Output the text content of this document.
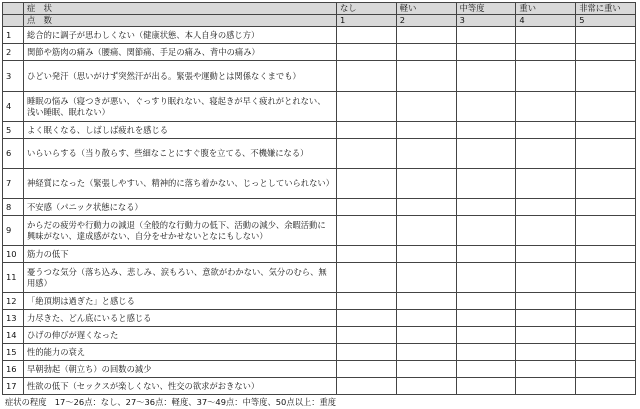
	症　状	なし	軽い	中等度	重い	非常に重い
	点　数	1	2	3	4	5
1	総合的に調子が思わしくない（健康状態、本人自身の感じ方）					
2	関節や筋肉の痛み（腰痛、関節痛、手足の痛み、背中の痛み）					
3	ひどい発汗（思いがけず突然汗が出る。緊張や運動とは関係なくまでも）					
4	睡眠の悩み（寝つきが悪い、ぐっすり眠れない、寝起きが早く疲れがとれない、浅い睡眠、眠れない）					
5	よく眠くなる、しばしば疲れを感じる					
6	いらいらする（当り散らす、些細なことにすぐ腹を立てる、不機嫌になる）					
7	神経質になった（緊張しやすい、精神的に落ち着かない、じっとしていられない）					
8	不安感（パニック状態になる）					
9	からだの疲労や行動力の減退（全般的な行動力の低下、活動の減少、余暇活動に興味がない、達成感がない、自分をせかせないとなにもしない）					
10	筋力の低下					
11	憂うつな気分（落ち込み、悲しみ、涙もろい、意欲がわかない、気分のむら、無用感）					
12	「絶頂期は過ぎた」と感じる					
13	力尽きた、どん底にいると感じる					
14	ひげの伸びが遅くなった					
15	性的能力の衰え					
16	早朝勃起（朝立ち）の回数の減少					
17	性欲の低下（セックスが楽しくない、性交の欲求がおきない）					
症状の程度　17～26点：なし、27～36点：軽度、37～49点：中等度、50点以上：重度
